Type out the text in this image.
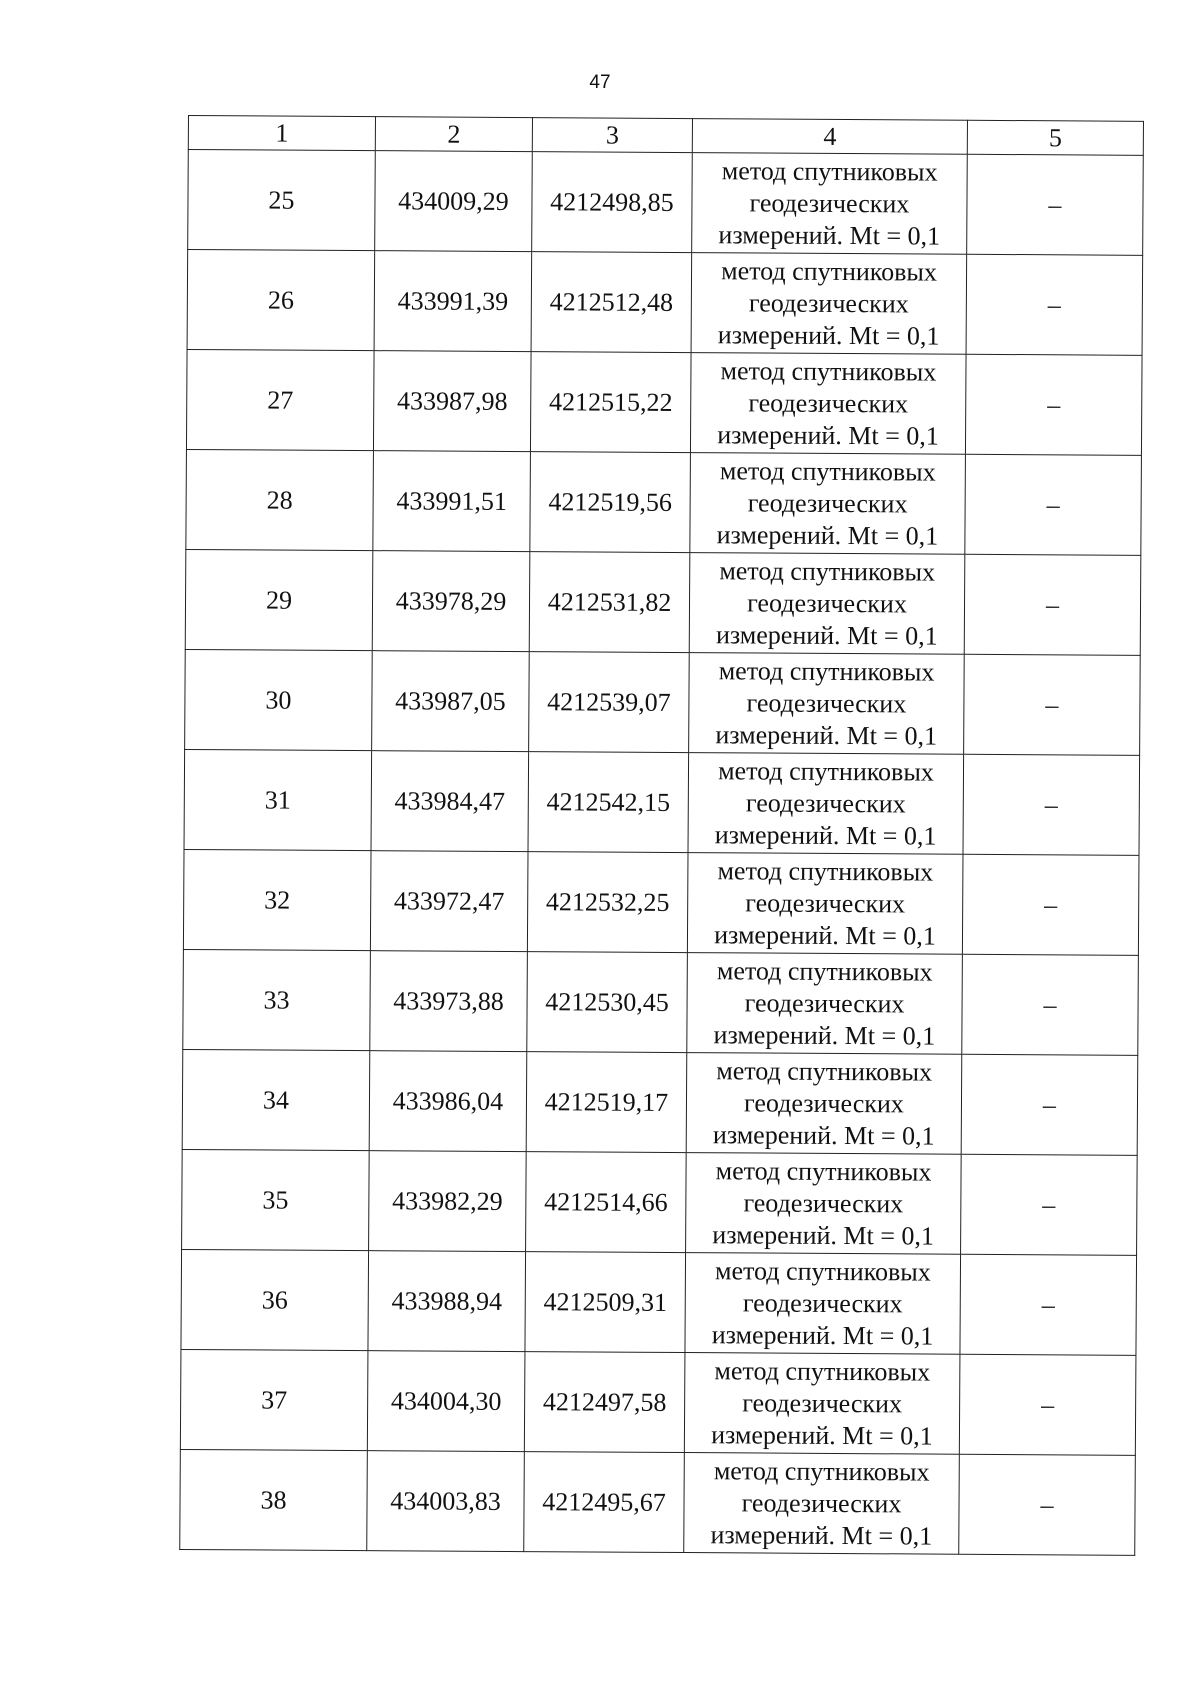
47
1	2	3	4	5
25	434009,29	4212498,85	метод спутниковых
геодезических
измерений. Mt = 0,1	–
26	433991,39	4212512,48	метод спутниковых
геодезических
измерений. Mt = 0,1	–
27	433987,98	4212515,22	метод спутниковых
геодезических
измерений. Mt = 0,1	–
28	433991,51	4212519,56	метод спутниковых
геодезических
измерений. Mt = 0,1	–
29	433978,29	4212531,82	метод спутниковых
геодезических
измерений. Mt = 0,1	–
30	433987,05	4212539,07	метод спутниковых
геодезических
измерений. Mt = 0,1	–
31	433984,47	4212542,15	метод спутниковых
геодезических
измерений. Mt = 0,1	–
32	433972,47	4212532,25	метод спутниковых
геодезических
измерений. Mt = 0,1	–
33	433973,88	4212530,45	метод спутниковых
геодезических
измерений. Mt = 0,1	–
34	433986,04	4212519,17	метод спутниковых
геодезических
измерений. Mt = 0,1	–
35	433982,29	4212514,66	метод спутниковых
геодезических
измерений. Mt = 0,1	–
36	433988,94	4212509,31	метод спутниковых
геодезических
измерений. Mt = 0,1	–
37	434004,30	4212497,58	метод спутниковых
геодезических
измерений. Mt = 0,1	–
38	434003,83	4212495,67	метод спутниковых
геодезических
измерений. Mt = 0,1	–
